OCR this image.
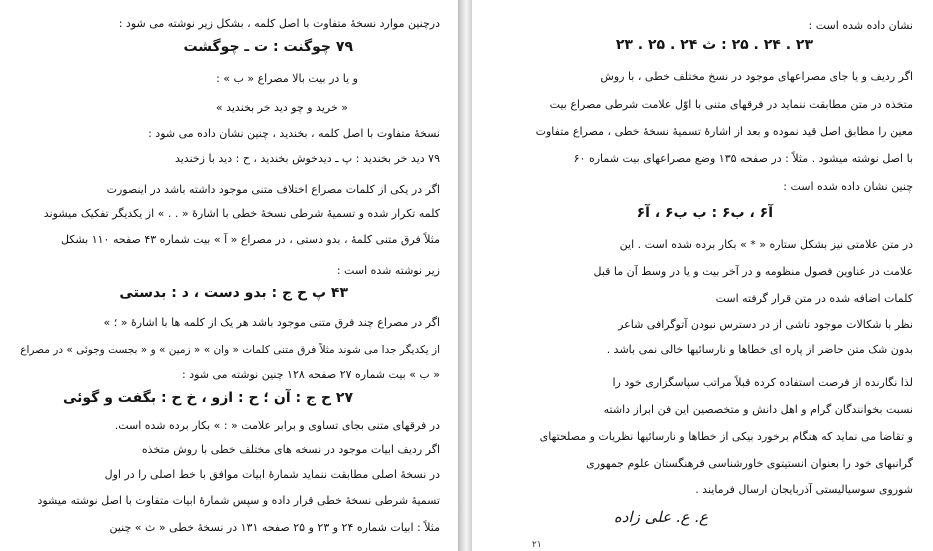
درچنین موارد نسخهٔ متفاوت با اصل کلمه ، بشکل زیر نوشته می شود :
۷۹ چوگنت : ت ـ چوگشت
و یا در بیت بالا مصراع « ب » :
« خرید و چو دید خر بخندید »
نسخهٔ متفاوت با اصل کلمه ، بخندید ، چنین نشان داده می شود :
۷۹ دید خر بخندید : پ ـ دیدخوش بخندید ، ح : دید با زخندید
اگر در یکی از کلمات مصراع اختلاف متنی موجود داشته باشد در اینصورت
کلمه تکرار شده و تسمیهٔ شرطی نسخهٔ خطی با اشارهٔ « . . » از یکدیگر تفکیک میشوند
مثلاً فرق متنی کلمهٔ ، بدو دستی ، در مصراع « آ » بیت شماره ۴۳ صفحه ۱۱۰ بشکل
زیر نوشته شده است :
۴۳ پ ح ج : بدو دست ، د : بدستی
اگر در مصراع چند فرق متنی موجود باشد هر یک از کلمه ها با اشارهٔ « ؛ »
از یکدیگر جدا می شوند مثلاً فرق متنی کلمات « وان » « زمین » و « بجست وجوئی » در مصراع
« ب » بیت شماره ۲۷ صفحه ۱۲۸ چنین نوشته می شود :
۲۷ ح ج : آن ؛ ح : ازو ، خ ح : بگفت و گوئی
در فرقهای متنی بجای تساوی و برابر علامت « : » بکار برده شده است.
اگر ردیف ابیات موجود در نسخه های مختلف خطی با روش متخذه
در نسخهٔ اصلی مطابقت ننماید شمارهٔ ابیات موافق با خط اصلی را در اول
تسمیهٔ شرطی نسخهٔ خطی قرار داده و سپس شمارهٔ ابیات متفاوت با اصل نوشته میشود
مثلاً : ابیات شماره ۲۴ و ۲۳ و ۲۵ صفحه ۱۳۱ در نسخهٔ خطی « ث » چنین
نشان داده شده است :
۲۳ . ۲۴ . ۲۵ : ث ۲۴ . ۲۵ . ۲۳
اگر ردیف و یا جای مصراعهای موجود در نسخ مختلف خطی ، با روش
متخذه در متن مطابقت ننماید در فرقهای متنی با اوّل علامت شرطی مصراع بیت
معین را مطابق اصل قید نموده و بعد از اشارهٔ تسمیهٔ نسخهٔ خطی ، مصراع متفاوت
با اصل نوشته میشود . مثلاً : در صفحه ۱۳۵ وضع مصراعهای بیت شماره ۶۰
چنین نشان داده شده است :
آ۶ ، ب۶ : ب ب۶ ، آ۶
در متن علامتی نیز بشکل ستاره « * » بکار برده شده است . این
علامت در عناوین فصول منظومه و در آخر بیت و یا در وسط آن ما قبل
کلمات اضافه شده در متن قرار گرفته است
نظر با شکالات موجود ناشی از در دسترس نبودن آتوگرافی شاعر
بدون شک متن حاضر از پاره ای خطاها و نارسائیها خالی نمی باشد .
لذا نگارنده از فرصت استفاده کرده قبلاً مراتب سپاسگزاری خود را
نسبت بخوانندگان گرام و اهل دانش و متخصصین این فن ابراز داشته
و تقاضا می نماید که هنگام برخورد بیکی از خطاها و نارسائیها نظریات و مصلحتهای
گرانبهای خود را بعنوان انستیتوی خاورشناسی فرهنگستان علوم جمهوری
شوروی سوسیالیستی آذربایجان ارسال فرمایند .
ع. ع. علی زاده
۲۱
